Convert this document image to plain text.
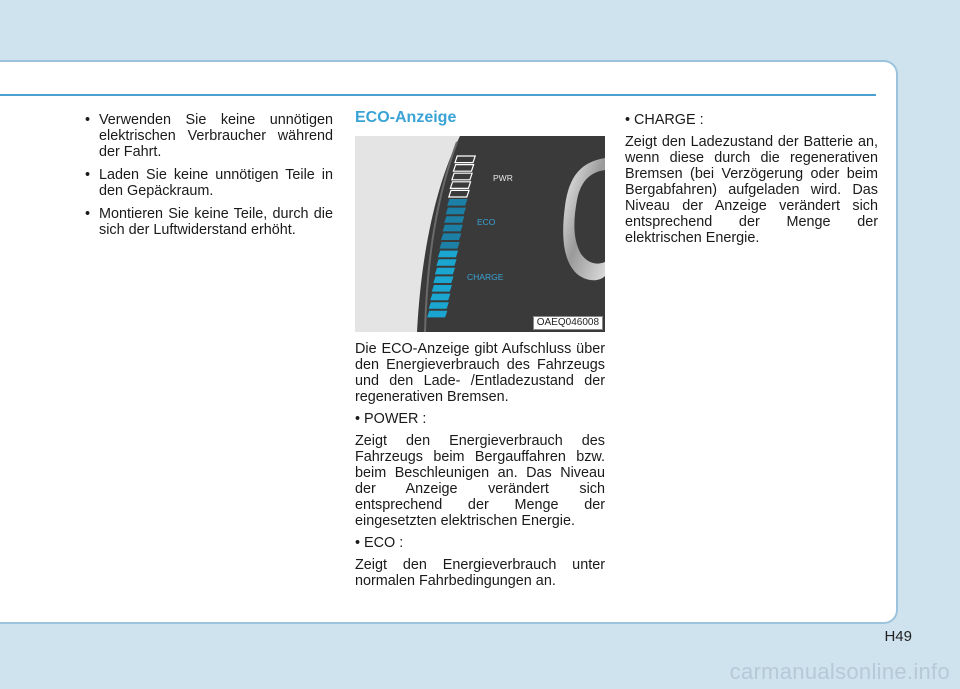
• Verwenden Sie keine unnötigen elektrischen Verbraucher während der Fahrt.
• Laden Sie keine unnötigen Teile in den Gepäckraum.
• Montieren Sie keine Teile, durch die sich der Luftwiderstand erhöht.
ECO-Anzeige
PWR
ECO
CHARGE
OAEQ046008

Die ECO-Anzeige gibt Aufschluss über den Energieverbrauch des Fahrzeugs und den Lade- /Entladezustand der regenerativen Bremsen.

• POWER :

Zeigt den Energieverbrauch des Fahrzeugs beim Bergauffahren bzw. beim Beschleunigen an. Das Niveau der Anzeige verändert sich entsprechend der Menge der eingesetzten elektrischen Energie.

• ECO :

Zeigt den Energieverbrauch unter normalen Fahrbedingungen an.

• CHARGE :

Zeigt den Ladezustand der Batterie an, wenn diese durch die regenerativen Bremsen (bei Verzögerung oder beim Bergabfahren) aufgeladen wird. Das Niveau der Anzeige verändert sich entsprechend der Menge der elektrischen Energie.

H49
carmanualsonline.info
